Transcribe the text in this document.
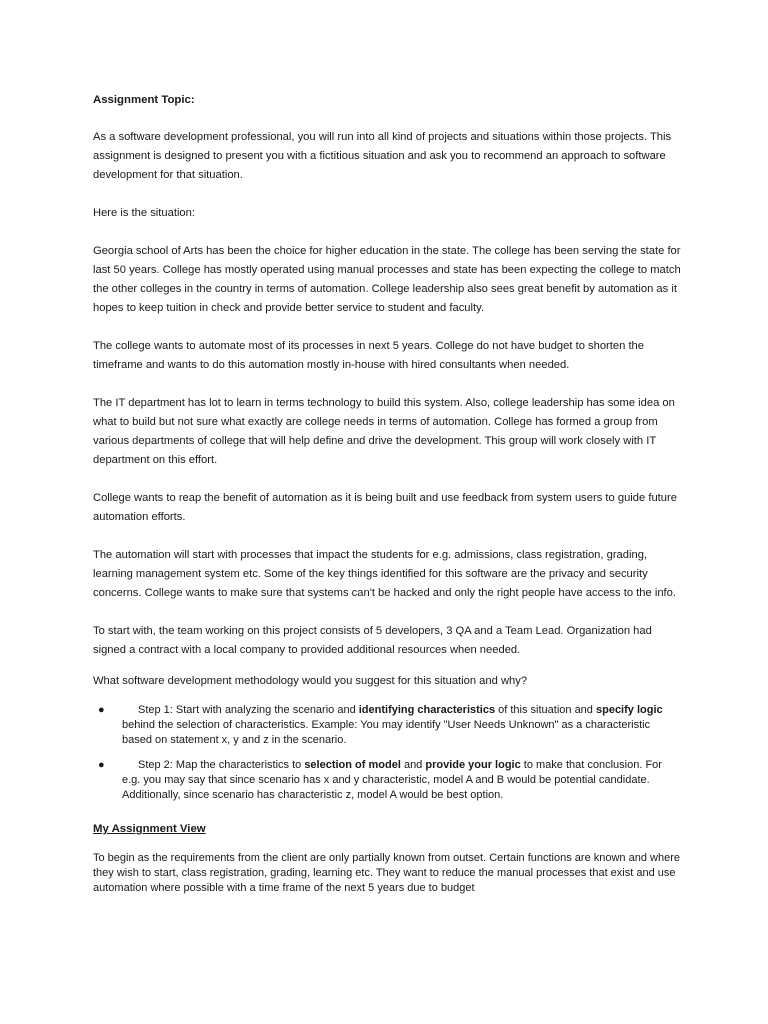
Assignment Topic:

As a software development professional, you will run into all kind of projects and situations within those projects. This assignment is designed to present you with a fictitious situation and ask you to recommend an approach to software development for that situation.

Here is the situation:

Georgia school of Arts has been the choice for higher education in the state. The college has been serving the state for last 50 years. College has mostly operated using manual processes and state has been expecting the college to match the other colleges in the country in terms of automation. College leadership also sees great benefit by automation as it hopes to keep tuition in check and provide better service to student and faculty.

The college wants to automate most of its processes in next 5 years. College do not have budget to shorten the timeframe and wants to do this automation mostly in-house with hired consultants when needed.

The IT department has lot to learn in terms technology to build this system. Also, college leadership has some idea on what to build but not sure what exactly are college needs in terms of automation. College has formed a group from various departments of college that will help define and drive the development. This group will work closely with IT department on this effort.

College wants to reap the benefit of automation as it is being built and use feedback from system users to guide future automation efforts.

The automation will start with processes that impact the students for e.g. admissions, class registration, grading, learning management system etc. Some of the key things identified for this software are the privacy and security concerns. College wants to make sure that systems can't be hacked and only the right people have access to the info.

To start with, the team working on this project consists of 5 developers, 3 QA and a Team Lead. Organization had signed a contract with a local company to provided additional resources when needed.

What software development methodology would you suggest for this situation and why?

●	Step 1: Start with analyzing the scenario and identifying characteristics of this situation and specify logic behind the selection of characteristics. Example: You may identify "User Needs Unknown" as a characteristic based on statement x, y and z in the scenario.
●	Step 2: Map the characteristics to selection of model and provide your logic to make that conclusion. For e.g. you may say that since scenario has x and y characteristic, model A and B would be potential candidate. Additionally, since scenario has characteristic z, model A would be best option.
My Assignment View

To begin as the requirements from the client are only partially known from outset. Certain functions are known and where they wish to start, class registration, grading, learning etc. They want to reduce the manual processes that exist and use automation where possible with a time frame of the next 5 years due to budget
